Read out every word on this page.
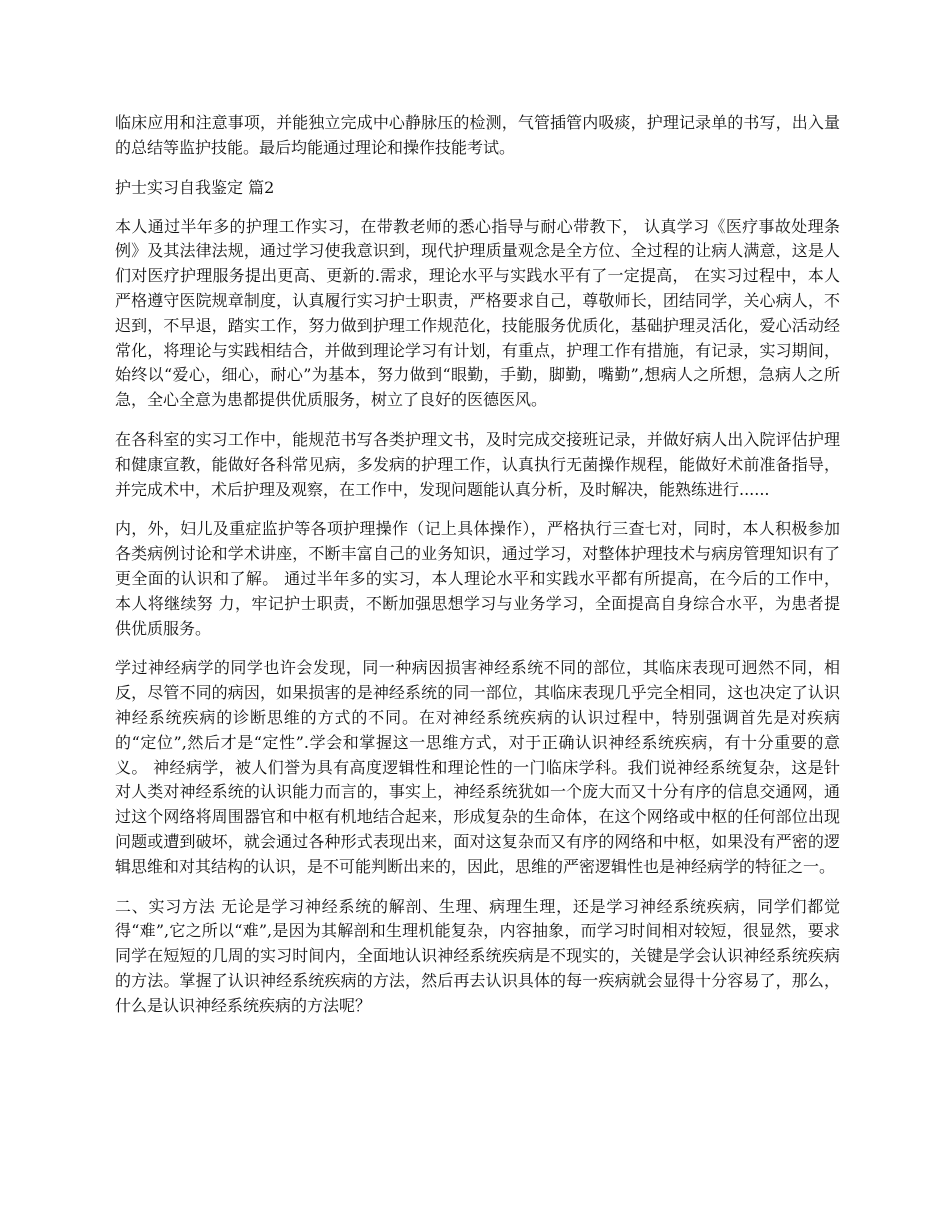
临床应用和注意事项，并能独立完成中心静脉压的检测，气管插管内吸痰，护理记录单的书写，出入量的总结等监护技能。最后均能通过理论和操作技能考试。

护士实习自我鉴定 篇2

本人通过半年多的护理工作实习，在带教老师的悉心指导与耐心带教下， 认真学习《医疗事故处理条例》及其法律法规，通过学习使我意识到，现代护理质量观念是全方位、全过程的让病人满意，这是人们对医疗护理服务提出更高、更新的.需求，理论水平与实践水平有了一定提高， 在实习过程中，本人严格遵守医院规章制度，认真履行实习护士职责，严格要求自己，尊敬师长，团结同学，关心病人，不迟到，不早退，踏实工作，努力做到护理工作规范化，技能服务优质化，基础护理灵活化，爱心活动经常化，将理论与实践相结合，并做到理论学习有计划，有重点，护理工作有措施，有记录，实习期间， 始终以“爱心，细心，耐心”为基本，努力做到“眼勤，手勤，脚勤，嘴勤”,想病人之所想，急病人之所急，全心全意为患都提供优质服务，树立了良好的医德医风。

在各科室的实习工作中，能规范书写各类护理文书，及时完成交接班记录，并做好病人出入院评估护理和健康宣教，能做好各科常见病，多发病的护理工作，认真执行无菌操作规程，能做好术前准备指导，并完成术中，术后护理及观察，在工作中，发现问题能认真分析，及时解决，能熟练进行......

内，外，妇儿及重症监护等各项护理操作（记上具体操作），严格执行三查七对，同时，本人积极参加各类病例讨论和学术讲座，不断丰富自己的业务知识，通过学习，对整体护理技术与病房管理知识有了更全面的认识和了解。 通过半年多的实习，本人理论水平和实践水平都有所提高，在今后的工作中，本人将继续努 力，牢记护士职责，不断加强思想学习与业务学习，全面提高自身综合水平，为患者提供优质服务。

学过神经病学的同学也许会发现，同一种病因损害神经系统不同的部位，其临床表现可迥然不同，相反，尽管不同的病因，如果损害的是神经系统的同一部位，其临床表现几乎完全相同，这也决定了认识神经系统疾病的诊断思维的方式的不同。在对神经系统疾病的认识过程中，特别强调首先是对疾病的“定位”,然后才是“定性”.学会和掌握这一思维方式，对于正确认识神经系统疾病，有十分重要的意义。 神经病学，被人们誉为具有高度逻辑性和理论性的一门临床学科。我们说神经系统复杂，这是针对人类对神经系统的认识能力而言的，事实上，神经系统犹如一个庞大而又十分有序的信息交通网，通过这个网络将周围器官和中枢有机地结合起来，形成复杂的生命体，在这个网络或中枢的任何部位出现问题或遭到破坏，就会通过各种形式表现出来，面对这复杂而又有序的网络和中枢，如果没有严密的逻辑思维和对其结构的认识，是不可能判断出来的，因此，思维的严密逻辑性也是神经病学的特征之一。

二、实习方法 无论是学习神经系统的解剖、生理、病理生理，还是学习神经系统疾病，同学们都觉得“难”,它之所以“难”,是因为其解剖和生理机能复杂，内容抽象，而学习时间相对较短，很显然，要求同学在短短的几周的实习时间内，全面地认识神经系统疾病是不现实的，关键是学会认识神经系统疾病的方法。掌握了认识神经系统疾病的方法，然后再去认识具体的每一疾病就会显得十分容易了，那么，什么是认识神经系统疾病的方法呢？
